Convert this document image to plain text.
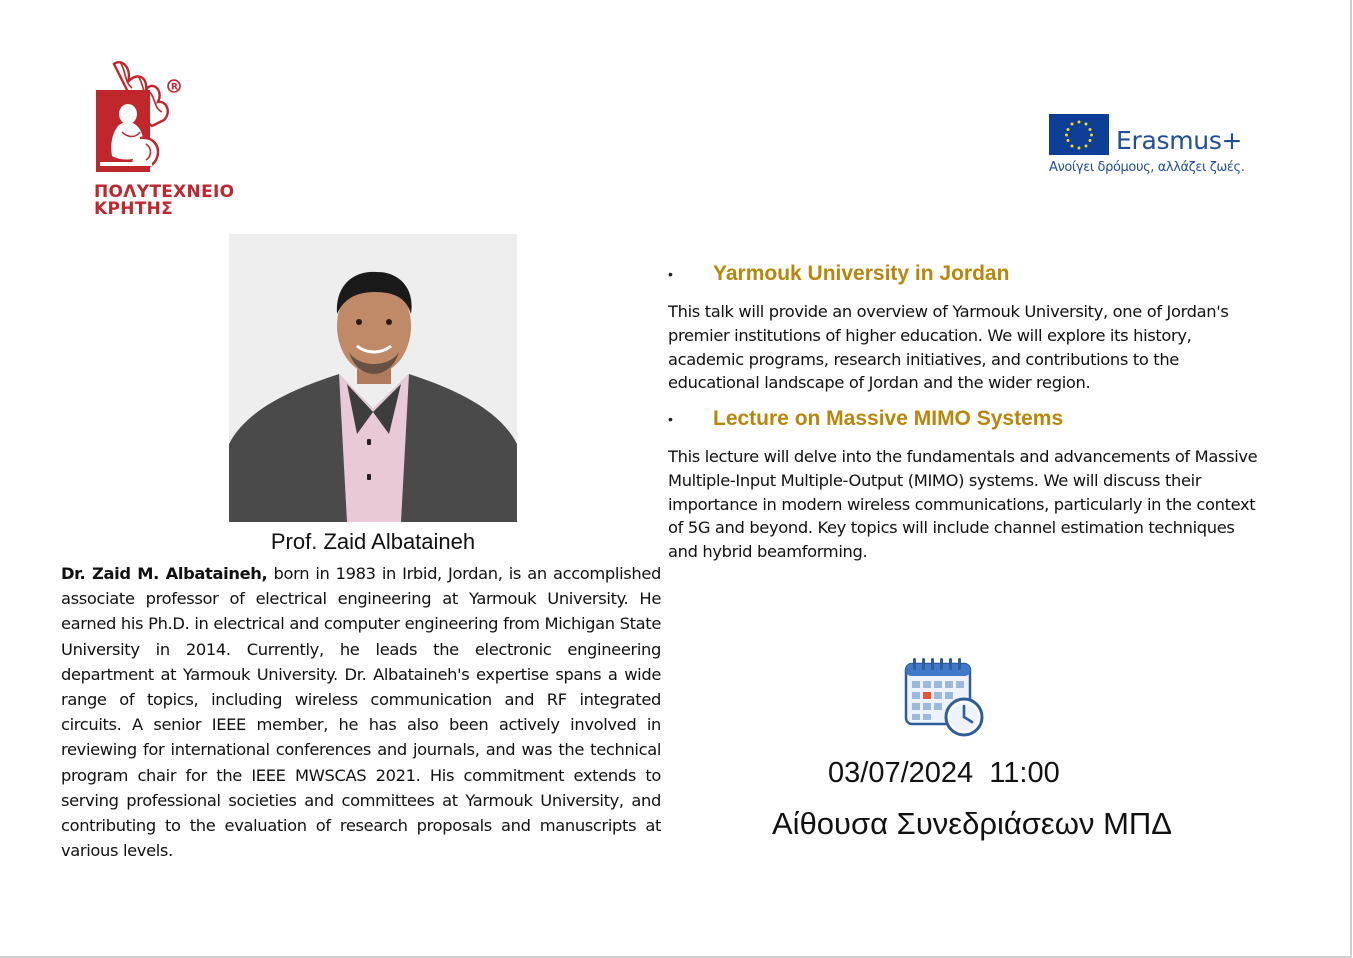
R
ΠΟΛΥΤΕΧΝΕΙΟ
ΚΡΗΤΗΣ
Erasmus+
Ανοίγει δρόμους, αλλάζει ζωές.
Prof. Zaid Albataineh
Dr. Zaid M. Albataineh, born in 1983 in Irbid, Jordan, is an accomplished associate professor of electrical engineering at Yarmouk University. He earned his Ph.D. in electrical and computer engineering from Michigan State University in 2014. Currently, he leads the electronic engineering department at Yarmouk University. Dr. Albataineh's expertise spans a wide range of topics, including wireless communication and RF integrated circuits. A senior IEEE member, he has also been actively involved in reviewing for international conferences and journals, and was the technical program chair for the IEEE MWSCAS 2021. His commitment extends to serving professional societies and committees at Yarmouk University, and contributing to the evaluation of research proposals and manuscripts at various levels.
• Yarmouk University in Jordan
This talk will provide an overview of Yarmouk University, one of Jordan's premier institutions of higher education. We will explore its history, academic programs, research initiatives, and contributions to the educational landscape of Jordan and the wider region.
• Lecture on Massive MIMO Systems
This lecture will delve into the fundamentals and advancements of Massive Multiple-Input Multiple-Output (MIMO) systems. We will discuss their importance in modern wireless communications, particularly in the context of 5G and beyond. Key topics will include channel estimation techniques and hybrid beamforming.
03/07/2024 11:00
Αίθουσα Συνεδριάσεων ΜΠΔ
